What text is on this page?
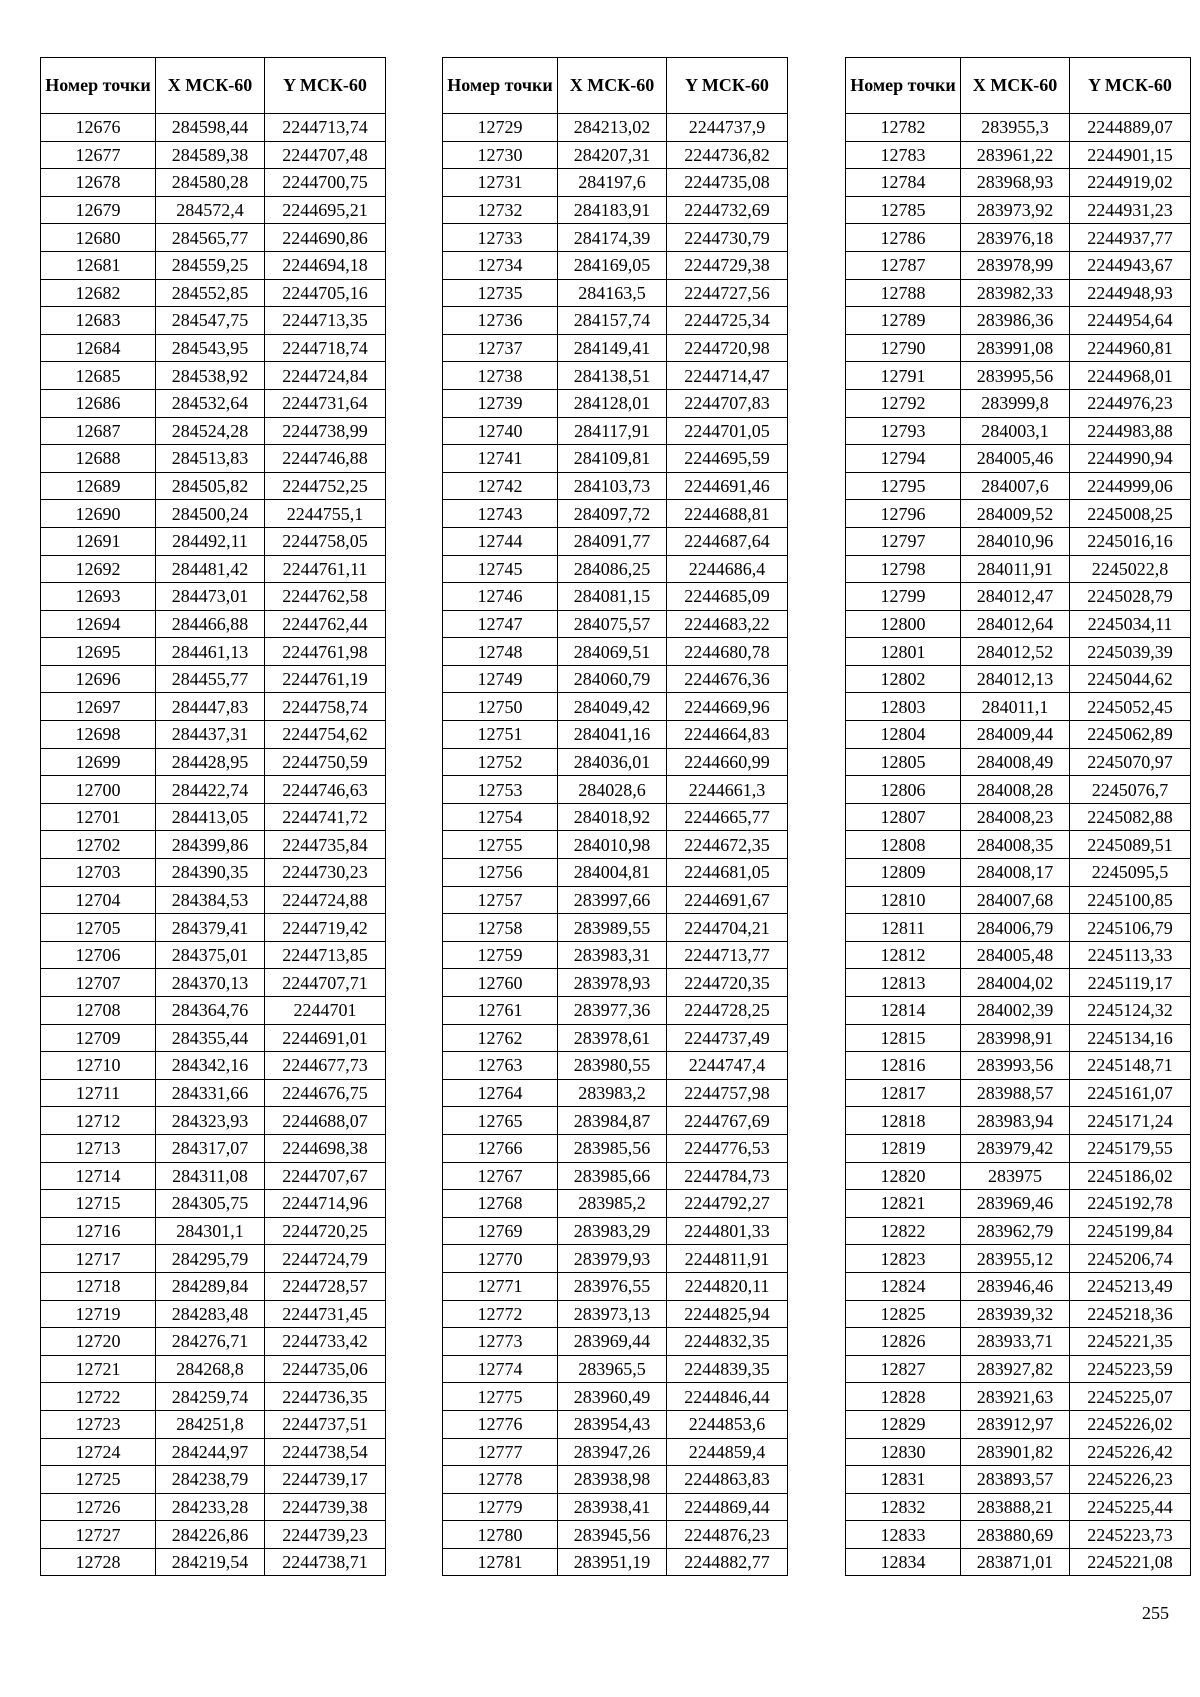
Номер точки	X МСК-60	Y МСК-60
12676	284598,44	2244713,74
12677	284589,38	2244707,48
12678	284580,28	2244700,75
12679	284572,4	2244695,21
12680	284565,77	2244690,86
12681	284559,25	2244694,18
12682	284552,85	2244705,16
12683	284547,75	2244713,35
12684	284543,95	2244718,74
12685	284538,92	2244724,84
12686	284532,64	2244731,64
12687	284524,28	2244738,99
12688	284513,83	2244746,88
12689	284505,82	2244752,25
12690	284500,24	2244755,1
12691	284492,11	2244758,05
12692	284481,42	2244761,11
12693	284473,01	2244762,58
12694	284466,88	2244762,44
12695	284461,13	2244761,98
12696	284455,77	2244761,19
12697	284447,83	2244758,74
12698	284437,31	2244754,62
12699	284428,95	2244750,59
12700	284422,74	2244746,63
12701	284413,05	2244741,72
12702	284399,86	2244735,84
12703	284390,35	2244730,23
12704	284384,53	2244724,88
12705	284379,41	2244719,42
12706	284375,01	2244713,85
12707	284370,13	2244707,71
12708	284364,76	2244701
12709	284355,44	2244691,01
12710	284342,16	2244677,73
12711	284331,66	2244676,75
12712	284323,93	2244688,07
12713	284317,07	2244698,38
12714	284311,08	2244707,67
12715	284305,75	2244714,96
12716	284301,1	2244720,25
12717	284295,79	2244724,79
12718	284289,84	2244728,57
12719	284283,48	2244731,45
12720	284276,71	2244733,42
12721	284268,8	2244735,06
12722	284259,74	2244736,35
12723	284251,8	2244737,51
12724	284244,97	2244738,54
12725	284238,79	2244739,17
12726	284233,28	2244739,38
12727	284226,86	2244739,23
12728	284219,54	2244738,71
Номер точки	X МСК-60	Y МСК-60
12729	284213,02	2244737,9
12730	284207,31	2244736,82
12731	284197,6	2244735,08
12732	284183,91	2244732,69
12733	284174,39	2244730,79
12734	284169,05	2244729,38
12735	284163,5	2244727,56
12736	284157,74	2244725,34
12737	284149,41	2244720,98
12738	284138,51	2244714,47
12739	284128,01	2244707,83
12740	284117,91	2244701,05
12741	284109,81	2244695,59
12742	284103,73	2244691,46
12743	284097,72	2244688,81
12744	284091,77	2244687,64
12745	284086,25	2244686,4
12746	284081,15	2244685,09
12747	284075,57	2244683,22
12748	284069,51	2244680,78
12749	284060,79	2244676,36
12750	284049,42	2244669,96
12751	284041,16	2244664,83
12752	284036,01	2244660,99
12753	284028,6	2244661,3
12754	284018,92	2244665,77
12755	284010,98	2244672,35
12756	284004,81	2244681,05
12757	283997,66	2244691,67
12758	283989,55	2244704,21
12759	283983,31	2244713,77
12760	283978,93	2244720,35
12761	283977,36	2244728,25
12762	283978,61	2244737,49
12763	283980,55	2244747,4
12764	283983,2	2244757,98
12765	283984,87	2244767,69
12766	283985,56	2244776,53
12767	283985,66	2244784,73
12768	283985,2	2244792,27
12769	283983,29	2244801,33
12770	283979,93	2244811,91
12771	283976,55	2244820,11
12772	283973,13	2244825,94
12773	283969,44	2244832,35
12774	283965,5	2244839,35
12775	283960,49	2244846,44
12776	283954,43	2244853,6
12777	283947,26	2244859,4
12778	283938,98	2244863,83
12779	283938,41	2244869,44
12780	283945,56	2244876,23
12781	283951,19	2244882,77
Номер точки	X МСК-60	Y МСК-60
12782	283955,3	2244889,07
12783	283961,22	2244901,15
12784	283968,93	2244919,02
12785	283973,92	2244931,23
12786	283976,18	2244937,77
12787	283978,99	2244943,67
12788	283982,33	2244948,93
12789	283986,36	2244954,64
12790	283991,08	2244960,81
12791	283995,56	2244968,01
12792	283999,8	2244976,23
12793	284003,1	2244983,88
12794	284005,46	2244990,94
12795	284007,6	2244999,06
12796	284009,52	2245008,25
12797	284010,96	2245016,16
12798	284011,91	2245022,8
12799	284012,47	2245028,79
12800	284012,64	2245034,11
12801	284012,52	2245039,39
12802	284012,13	2245044,62
12803	284011,1	2245052,45
12804	284009,44	2245062,89
12805	284008,49	2245070,97
12806	284008,28	2245076,7
12807	284008,23	2245082,88
12808	284008,35	2245089,51
12809	284008,17	2245095,5
12810	284007,68	2245100,85
12811	284006,79	2245106,79
12812	284005,48	2245113,33
12813	284004,02	2245119,17
12814	284002,39	2245124,32
12815	283998,91	2245134,16
12816	283993,56	2245148,71
12817	283988,57	2245161,07
12818	283983,94	2245171,24
12819	283979,42	2245179,55
12820	283975	2245186,02
12821	283969,46	2245192,78
12822	283962,79	2245199,84
12823	283955,12	2245206,74
12824	283946,46	2245213,49
12825	283939,32	2245218,36
12826	283933,71	2245221,35
12827	283927,82	2245223,59
12828	283921,63	2245225,07
12829	283912,97	2245226,02
12830	283901,82	2245226,42
12831	283893,57	2245226,23
12832	283888,21	2245225,44
12833	283880,69	2245223,73
12834	283871,01	2245221,08
255
